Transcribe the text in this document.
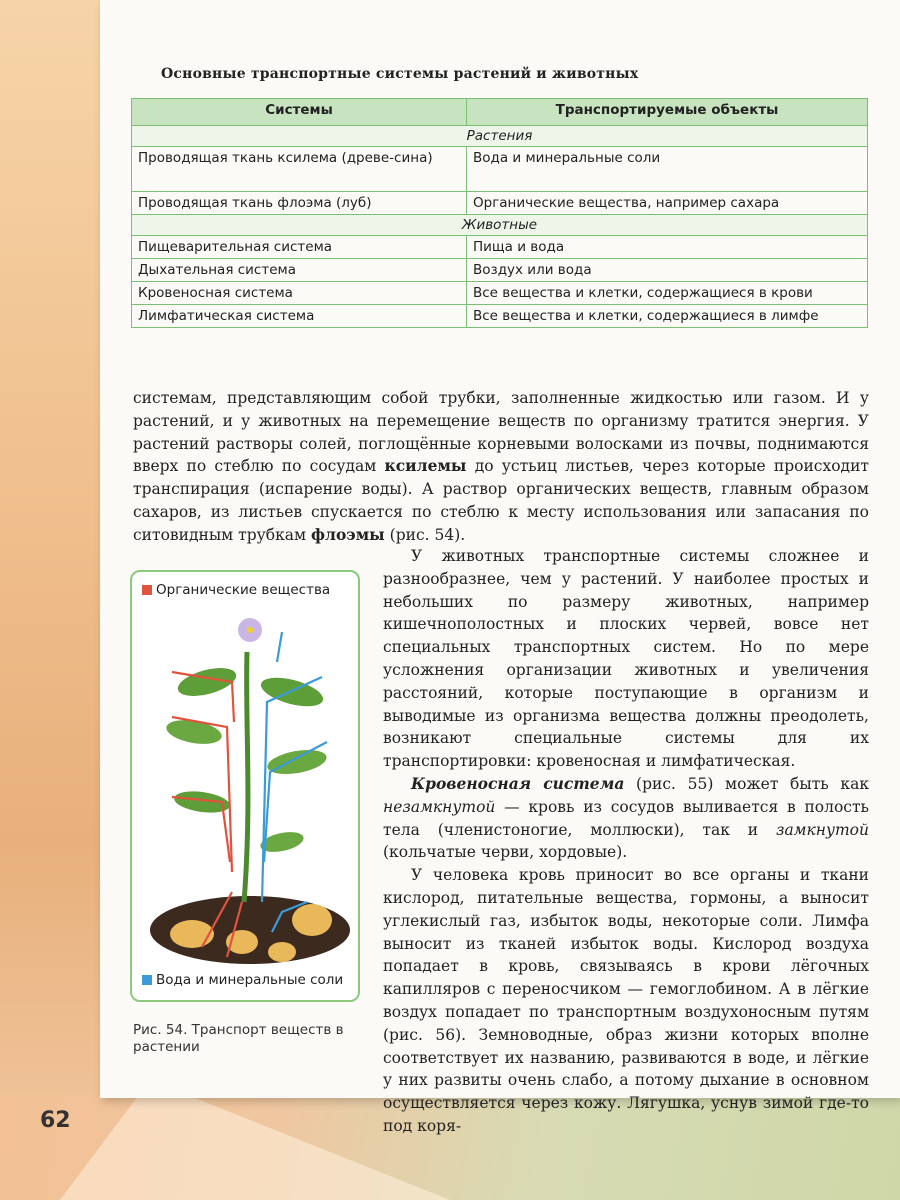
62
Основные транспортные системы растений и животных
Системы	Транспортируемые объекты
Растения	
Проводящая ткань ксилема (древе-сина)	Вода и минеральные соли
Проводящая ткань флоэма (луб)	Органические вещества, например сахара
Животные	
Пищеварительная система	Пища и вода
Дыхательная система	Воздух или вода
Кровеносная система	Все вещества и клетки, содержащиеся в крови
Лимфатическая система	Все вещества и клетки, содержащиеся в лимфе

системам, представляющим собой трубки, заполненные жидкостью или газом. И у растений, и у животных на перемещение веществ по организму тратится энергия. У растений растворы солей, поглощённые корневыми волосками из почвы, поднимаются вверх по стеблю по сосудам ксилемы до устьиц листьев, через которые происходит транспирация (испарение воды). А раствор органических веществ, главным образом сахаров, из листьев спускается по стеблю к месту использования или запасания по ситовидным трубкам флоэмы (рис. 54).

У животных транспортные системы сложнее и разнообразнее, чем у растений. У наиболее простых и небольших по размеру животных, например кишечнополостных и плоских червей, вовсе нет специальных транспортных систем. Но по мере усложнения организации животных и увеличения расстояний, которые поступающие в организм и выводимые из организма вещества должны преодолеть, возникают специальные системы для их транспортировки: кровеносная и лимфатическая.

Кровеносная система (рис. 55) может быть как незамкнутой — кровь из сосудов выливается в полость тела (членистоногие, моллюски), так и замкнутой (кольчатые черви, хордовые).

У человека кровь приносит во все органы и ткани кислород, питательные вещества, гормоны, а выносит углекислый газ, избыток воды, некоторые соли. Лимфа выносит из тканей избыток воды. Кислород воздуха попадает в кровь, связываясь в крови лёгочных капилляров с переносчиком — гемоглобином. А в лёгкие воздух попадает по транспортным воздухоносным путям (рис. 56). Земноводные, образ жизни которых вполне соответствует их названию, развиваются в воде, и лёгкие у них развиты очень слабо, а потому дыхание в основном осуществляется через кожу. Лягушка, уснув зимой где-то под коря-

Органические вещества
Вода и минеральные соли
Рис. 54. Транспорт веществ в растении
